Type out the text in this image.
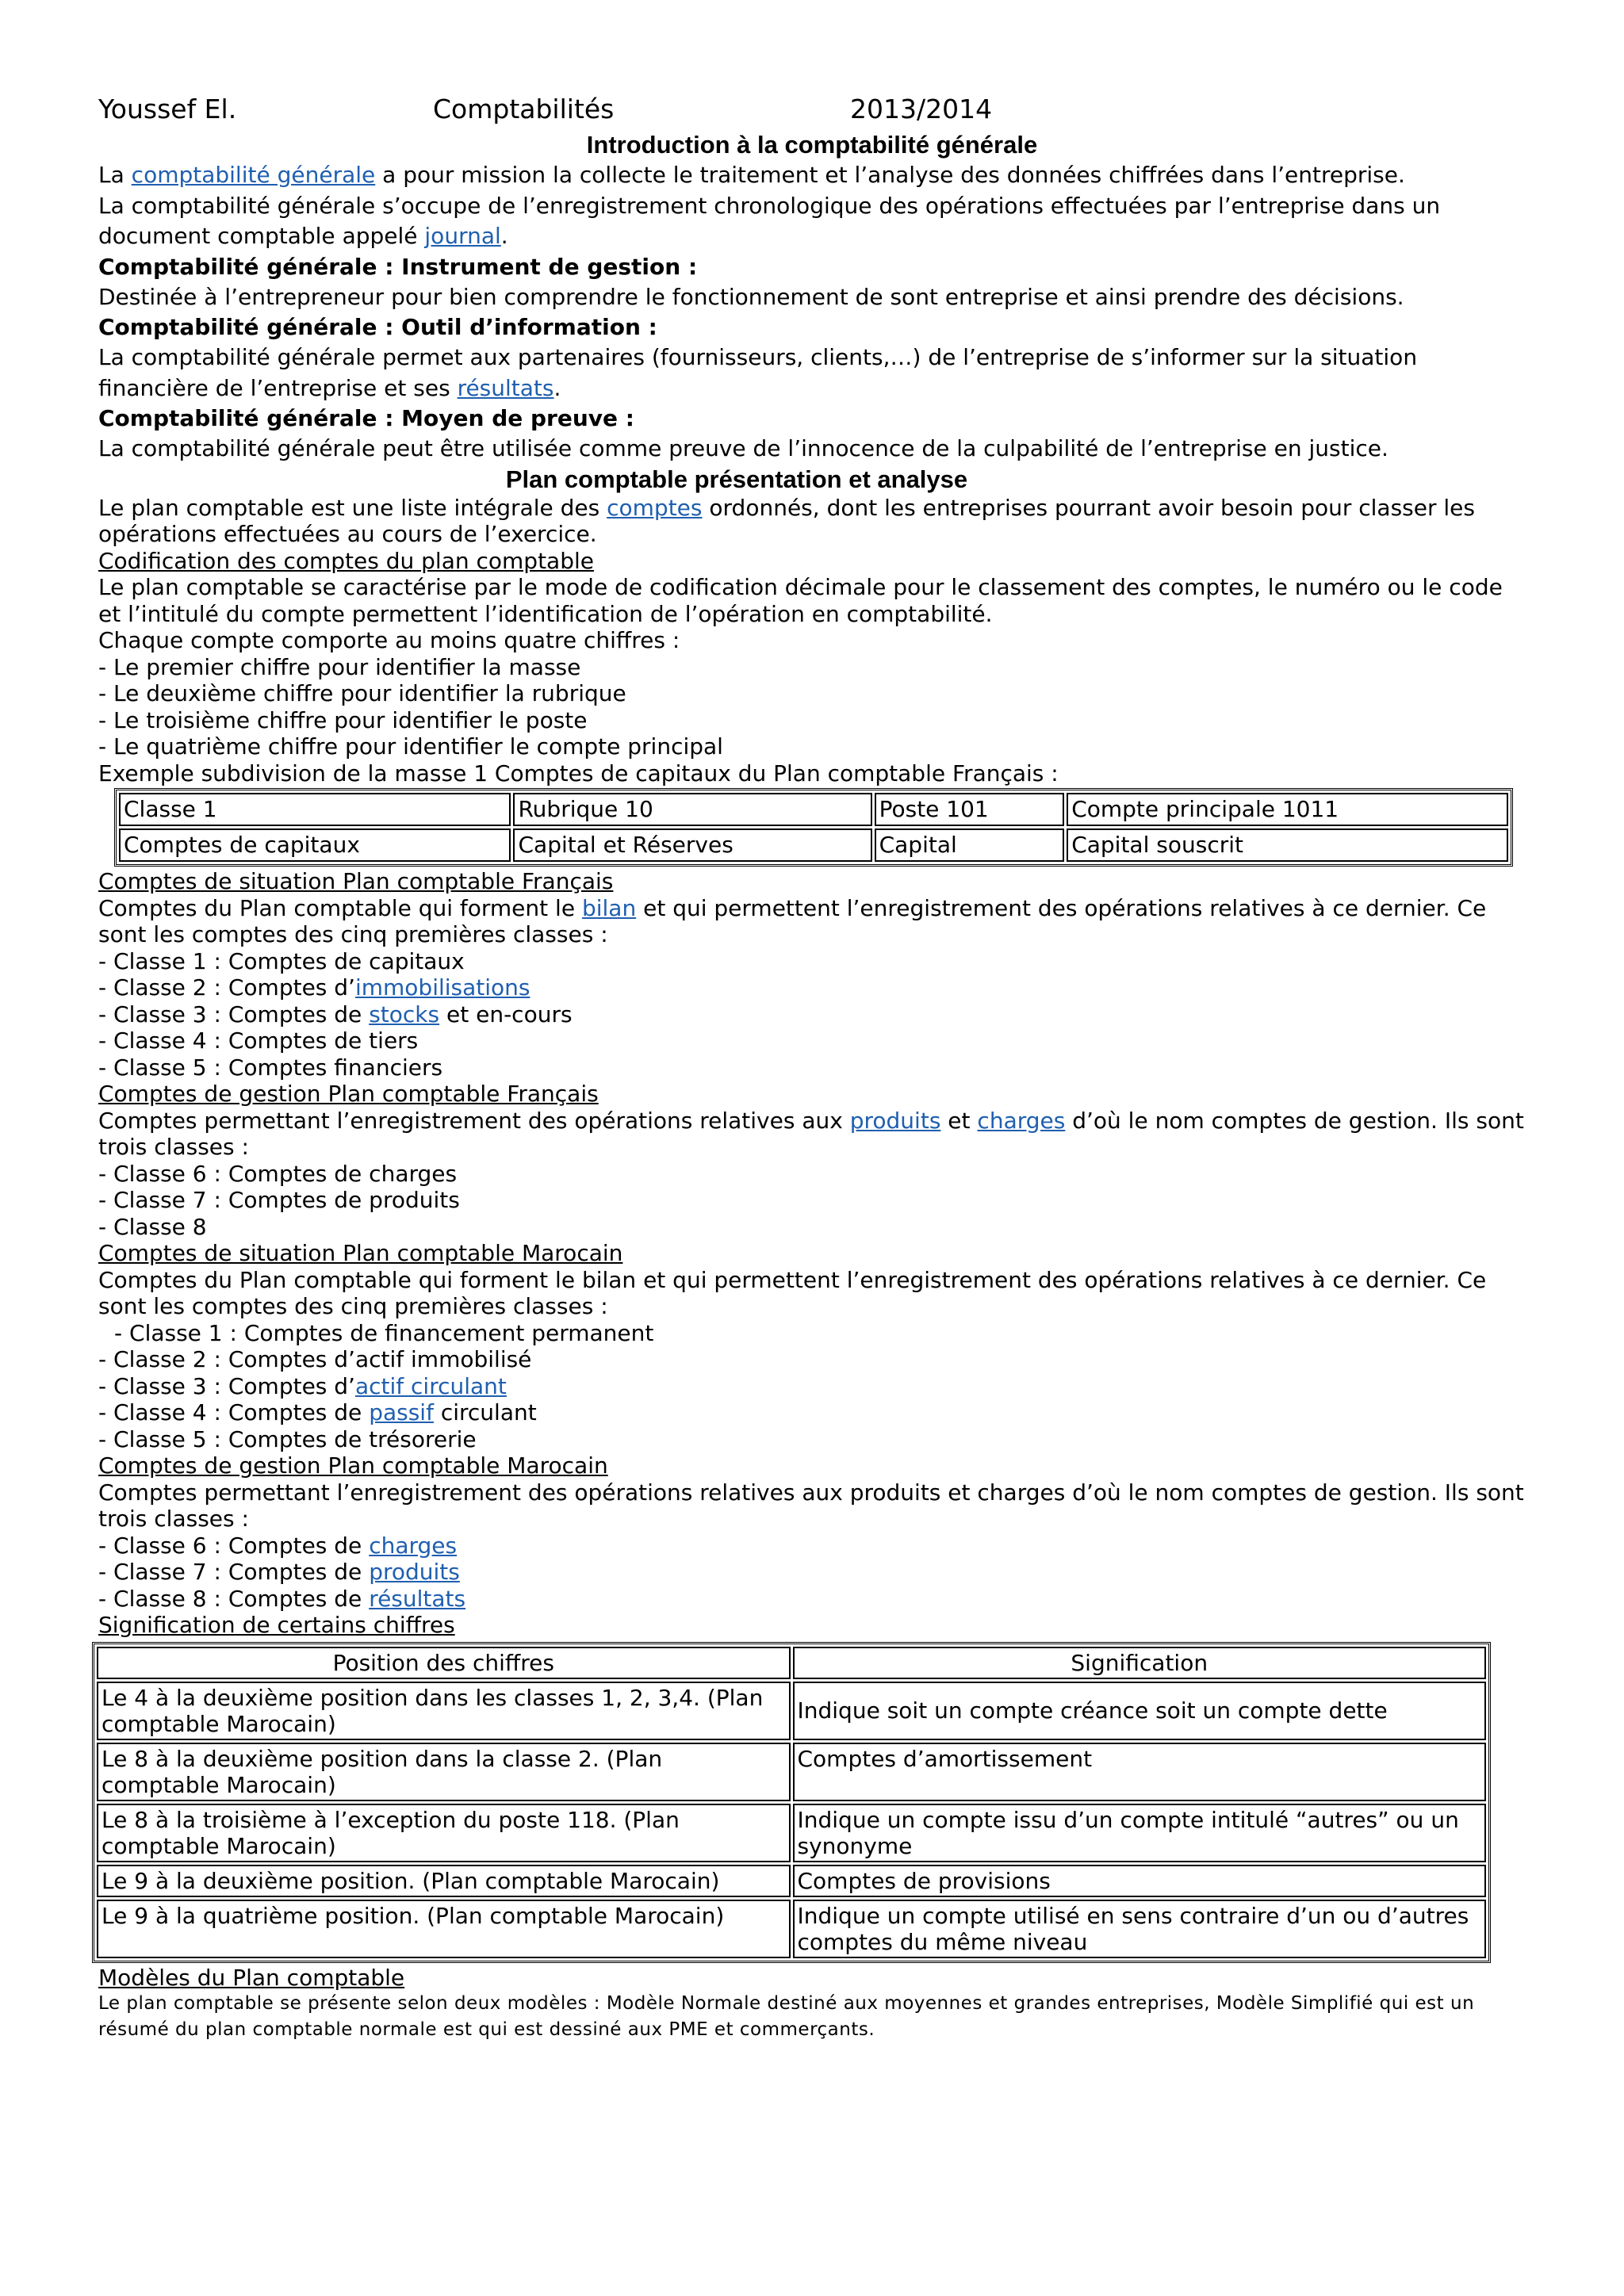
Youssef El.	Comptabilités	2013/2014
Introduction à la comptabilité générale

La comptabilité générale a pour mission la collecte le traitement et l’analyse des données chiffrées dans l’entreprise.

La comptabilité générale s’occupe de l’enregistrement chronologique des opérations effectuées par l’entreprise dans un document comptable appelé journal.

Comptabilité générale : Instrument de gestion :

Destinée à l’entrepreneur pour bien comprendre le fonctionnement de sont entreprise et ainsi prendre des décisions.

Comptabilité générale : Outil d’information :

La comptabilité générale permet aux partenaires (fournisseurs, clients,…) de l’entreprise de s’informer sur la situation financière de l’entreprise et ses résultats.

Comptabilité générale : Moyen de preuve :

La comptabilité générale peut être utilisée comme preuve de l’innocence de la culpabilité de l’entreprise en justice.

Plan comptable présentation et analyse

Le plan comptable est une liste intégrale des comptes ordonnés, dont les entreprises pourrant avoir besoin pour classer les opérations effectuées au cours de l’exercice.

Codification des comptes du plan comptable

Le plan comptable se caractérise par le mode de codification décimale pour le classement des comptes, le numéro ou le code et l’intitulé du compte permettent l’identification de l’opération en comptabilité.

Chaque compte comporte au moins quatre chiffres :

- Le premier chiffre pour identifier la masse
- Le deuxième chiffre pour identifier la rubrique
- Le troisième chiffre pour identifier le poste
- Le quatrième chiffre pour identifier le compte principal

Exemple subdivision de la masse 1 Comptes de capitaux du Plan comptable Français :

Classe 1	Rubrique 10	Poste 101	Compte principale 1011
Comptes de capitaux	Capital et Réserves	Capital	Capital souscrit

Comptes de situation Plan comptable Français

Comptes du Plan comptable qui forment le bilan et qui permettent l’enregistrement des opérations relatives à ce dernier. Ce sont les comptes des cinq premières classes :

- Classe 1 : Comptes de capitaux
- Classe 2 : Comptes d’immobilisations
- Classe 3 : Comptes de stocks et en-cours
- Classe 4 : Comptes de tiers
- Classe 5 : Comptes financiers

Comptes de gestion Plan comptable Français

Comptes permettant l’enregistrement des opérations relatives aux produits et charges d’où le nom comptes de gestion. Ils sont trois classes :

- Classe 6 : Comptes de charges
- Classe 7 : Comptes de produits
- Classe 8

Comptes de situation Plan comptable Marocain

Comptes du Plan comptable qui forment le bilan et qui permettent l’enregistrement des opérations relatives à ce dernier. Ce sont les comptes des cinq premières classes :

- Classe 1 : Comptes de financement permanent
- Classe 2 : Comptes d’actif immobilisé
- Classe 3 : Comptes d’actif circulant
- Classe 4 : Comptes de passif circulant
- Classe 5 : Comptes de trésorerie

Comptes de gestion Plan comptable Marocain

Comptes permettant l’enregistrement des opérations relatives aux produits et charges d’où le nom comptes de gestion. Ils sont trois classes :

- Classe 6 : Comptes de charges
- Classe 7 : Comptes de produits
- Classe 8 : Comptes de résultats

Signification de certains chiffres

Position des chiffres	Signification
Le 4 à la deuxième position dans les classes 1, 2, 3,4. (Plan comptable Marocain)	Indique soit un compte créance soit un compte dette
Le 8 à la deuxième position dans la classe 2. (Plan comptable Marocain)	Comptes d’amortissement
Le 8 à la troisième à l’exception du poste 118. (Plan comptable Marocain)	Indique un compte issu d’un compte intitulé “autres” ou un synonyme
Le 9 à la deuxième position. (Plan comptable Marocain)	Comptes de provisions
Le 9 à la quatrième position. (Plan comptable Marocain)	Indique un compte utilisé en sens contraire d’un ou d’autres comptes du même niveau

Modèles du Plan comptable

Le plan comptable se présente selon deux modèles : Modèle Normale destiné aux moyennes et grandes entreprises, Modèle Simplifié qui est un résumé du plan comptable normale est qui est dessiné aux PME et commerçants.
